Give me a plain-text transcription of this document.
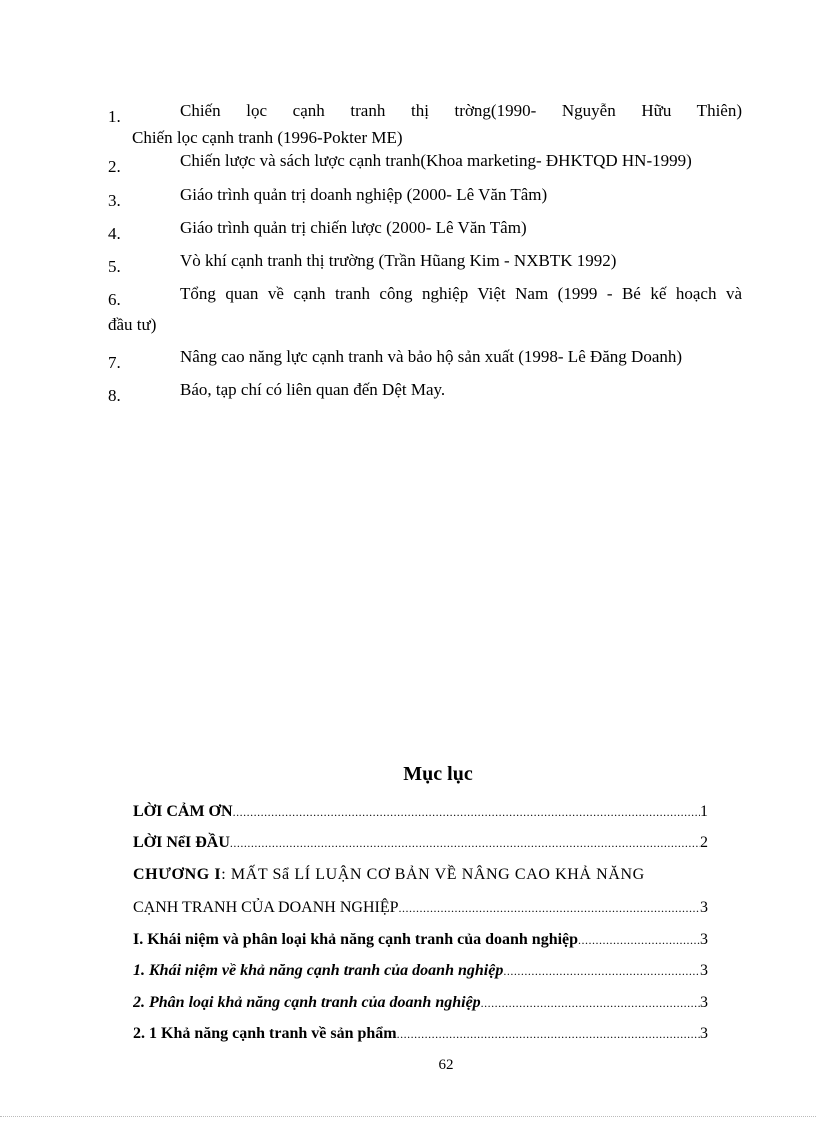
1.	Chiến lọc cạnh tranh thị trờng(1990- Nguyễn Hữu Thiên)
Chiến lọc cạnh tranh (1996-Pokter ME)
2.	Chiến lược và sách lược cạnh tranh(Khoa marketing- ĐHKTQD HN-1999)
3.	Giáo trình quản trị doanh nghiệp (2000- Lê Văn Tâm)
4.	Giáo trình quản trị chiến lược (2000- Lê Văn Tâm)
5.	Vò khí cạnh tranh thị trường (Trần Hũang Kim - NXBTK 1992)
6.	Tổng quan về cạnh tranh công nghiệp Việt Nam (1999 - Bé kế hoạch và
đầu tư)
7.	Nâng cao năng lực cạnh tranh và bảo hộ sản xuất (1998- Lê Đăng Doanh)
8.	Báo, tạp chí có liên quan đến Dệt May.
Mục lục
LỜI CẢM ƠN .....	1
LỜI NểI ĐẦU .....	2
CHƯƠNG I : MẤT Sẩ LÍ LUẬN CƠ BẢN VỀ NÂNG CAO KHẢ NĂNG
CẠNH TRANH CỦA DOANH NGHIỆP .....	3
I. Khái niệm và phân loại khả năng cạnh tranh của doanh nghiệp .....	3
1. Khái niệm về khả năng cạnh tranh của doanh nghiệp .....	3
2. Phân loại khả năng cạnh tranh của doanh nghiệp .....	3
2. 1 Khả năng cạnh tranh về sản phẩm .....	3
62
